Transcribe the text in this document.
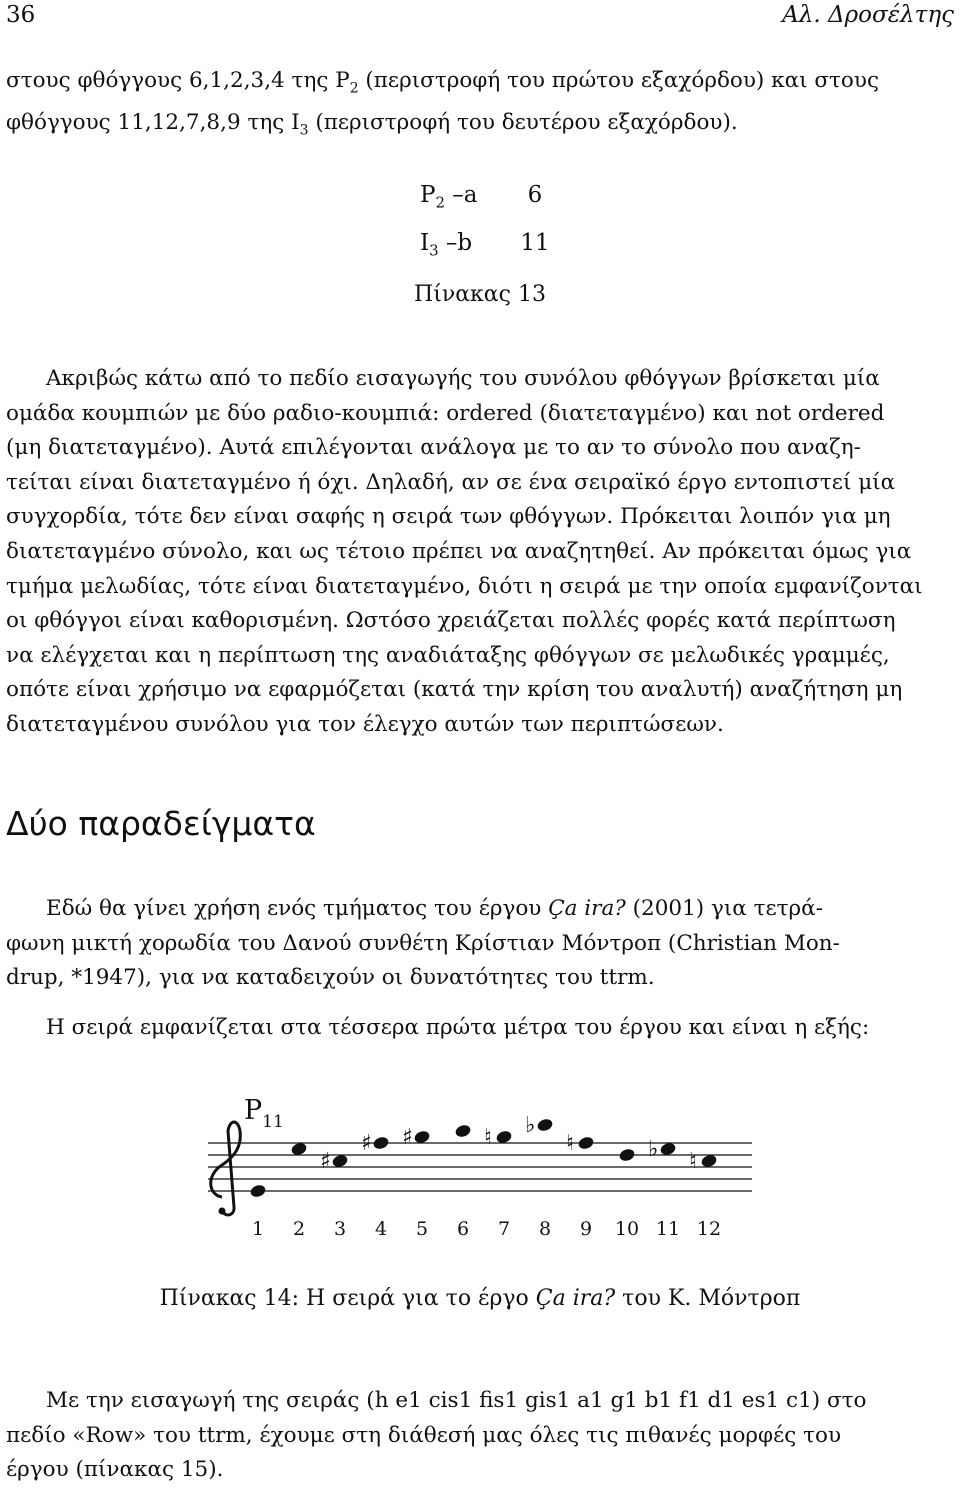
36	Αλ. Δροσέλτης
στους φθόγγους 6,1,2,3,4 της $P_2$ (περιστροφή του πρώτου εξαχόρδου) και στους
φθόγγους 11,12,7,8,9 της $I_3$ (περιστροφή του δευτέρου εξαχόρδου).
$P_2$ –a	6
$I_3$ –b	11
Πίνακας 13
Ακριβώς κάτω από το πεδίο εισαγωγής του συνόλου φθόγγων βρίσκεται μία
ομάδα κουμπιών με δύο ραδιο-κουμπιά: ordered (διατεταγμένο) και not ordered
(μη διατεταγμένο). Αυτά επιλέγονται ανάλογα με το αν το σύνολο που αναζη-
τείται είναι διατεταγμένο ή όχι. Δηλαδή, αν σε ένα σειραϊκό έργο εντοπιστεί μία
συγχορδία, τότε δεν είναι σαφής η σειρά των φθόγγων. Πρόκειται λοιπόν για μη
διατεταγμένο σύνολο, και ως τέτοιο πρέπει να αναζητηθεί. Αν πρόκειται όμως για
τμήμα μελωδίας, τότε είναι διατεταγμένο, διότι η σειρά με την οποία εμφανίζονται
οι φθόγγοι είναι καθορισμένη. Ωστόσο χρειάζεται πολλές φορές κατά περίπτωση
να ελέγχεται και η περίπτωση της αναδιάταξης φθόγγων σε μελωδικές γραμμές,
οπότε είναι χρήσιμο να εφαρμόζεται (κατά την κρίση του αναλυτή) αναζήτηση μη
διατεταγμένου συνόλου για τον έλεγχο αυτών των περιπτώσεων.
Δύο παραδείγματα
Εδώ θα γίνει χρήση ενός τμήματος του έργου Ça ira? (2001) για τετρά-
φωνη μικτή χορωδία του Δανού συνθέτη Κρίστιαν Μόντροπ (Christian Mon-
drup, *1947), για να καταδειχούν οι δυνατότητες του ttrm.
Η σειρά εμφανίζεται στα τέσσερα πρώτα μέτρα του έργου και είναι η εξής:
$P_{11}$
♯
♯ ♯	♮ ♭
♮	♭ ♮
1 2 3 4 5 6 7 8 9 10 11 12
Πίνακας 14: Η σειρά για το έργο Ça ira? του Κ. Μόντροπ
Με την εισαγωγή της σειράς (h e1 cis1 fis1 gis1 a1 g1 b1 f1 d1 es1 c1) στο
πεδίο «Row» του ttrm, έχουμε στη διάθεσή μας όλες τις πιθανές μορφές του
έργου (πίνακας 15).
